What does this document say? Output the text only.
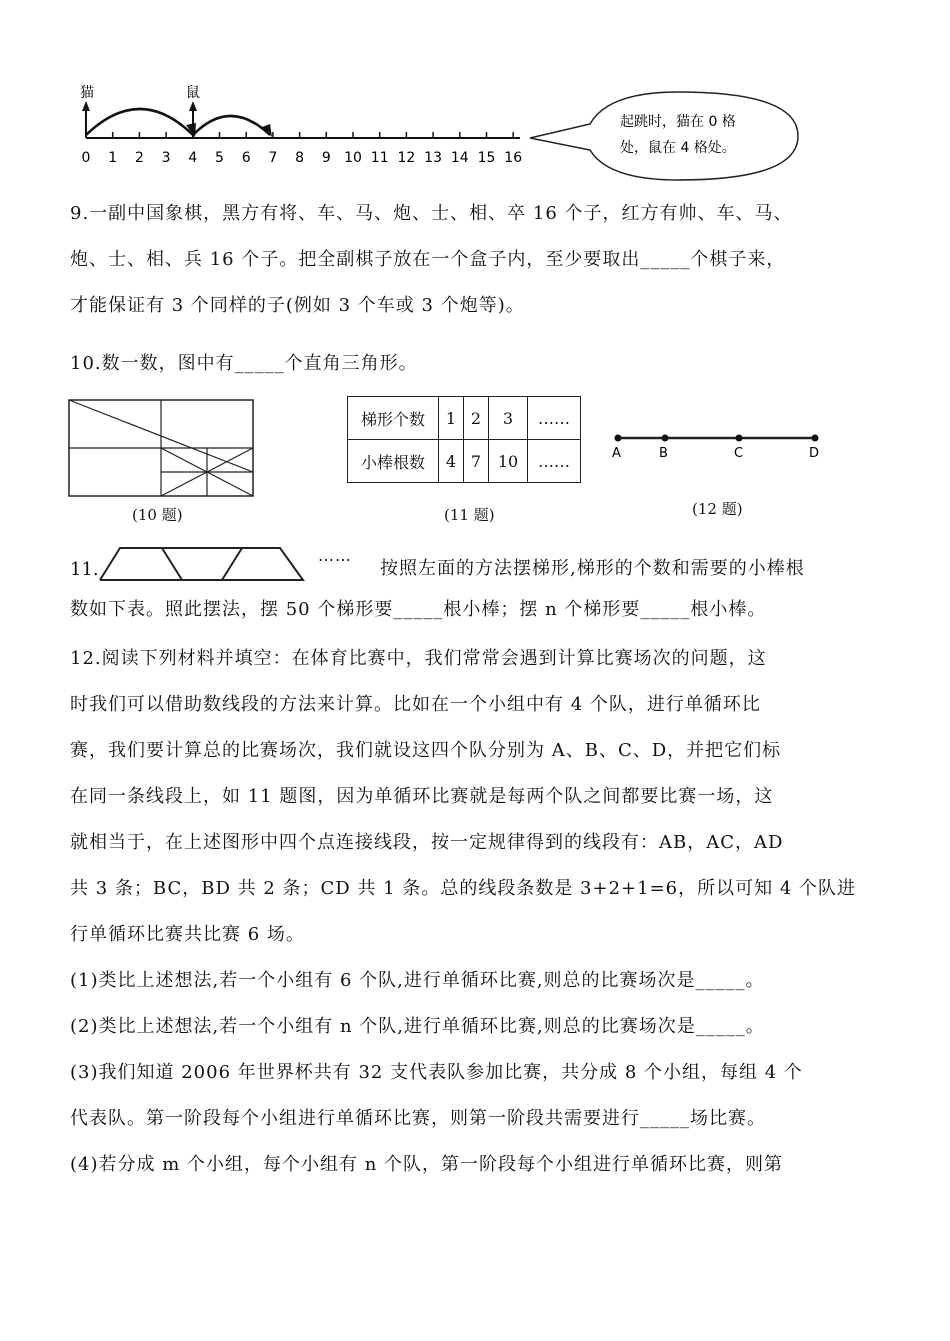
0 1 2 3 4 5 6 7 8 9 10 11 12 13 14 15 16
猫	鼠
起跳时，猫在 0 格
处，鼠在 4 格处。
9.一副中国象棋，黑方有将、车、马、炮、士、相、卒 16 个子，红方有帅、车、马、
炮、士、相、兵 16 个子。把全副棋子放在一个盒子内，至少要取出_____个棋子来，
才能保证有 3 个同样的子(例如 3 个车或 3 个炮等)。
10.数一数，图中有_____个直角三角形。
(10 题)
梯形个数	1	2	3	……
小棒根数	4	7	10	……
(11 题)
A	B	C	D
(12 题)
11.
……
按照左面的方法摆梯形,梯形的个数和需要的小棒根
数如下表。照此摆法，摆 50 个梯形要_____根小棒；摆 n 个梯形要_____根小棒。
12.阅读下列材料并填空：在体育比赛中，我们常常会遇到计算比赛场次的问题，这
时我们可以借助数线段的方法来计算。比如在一个小组中有 4 个队，进行单循环比
赛，我们要计算总的比赛场次，我们就设这四个队分别为 A、B、C、D，并把它们标
在同一条线段上，如 11 题图，因为单循环比赛就是每两个队之间都要比赛一场，这
就相当于，在上述图形中四个点连接线段，按一定规律得到的线段有：AB，AC，AD
共 3 条；BC，BD 共 2 条；CD 共 1 条。总的线段条数是 3+2+1=6，所以可知 4 个队进
行单循环比赛共比赛 6 场。
(1)类比上述想法,若一个小组有 6 个队,进行单循环比赛,则总的比赛场次是_____。
(2)类比上述想法,若一个小组有 n 个队,进行单循环比赛,则总的比赛场次是_____。
(3)我们知道 2006 年世界杯共有 32 支代表队参加比赛，共分成 8 个小组，每组 4 个
代表队。第一阶段每个小组进行单循环比赛，则第一阶段共需要进行_____场比赛。
(4)若分成 m 个小组，每个小组有 n 个队，第一阶段每个小组进行单循环比赛，则第
